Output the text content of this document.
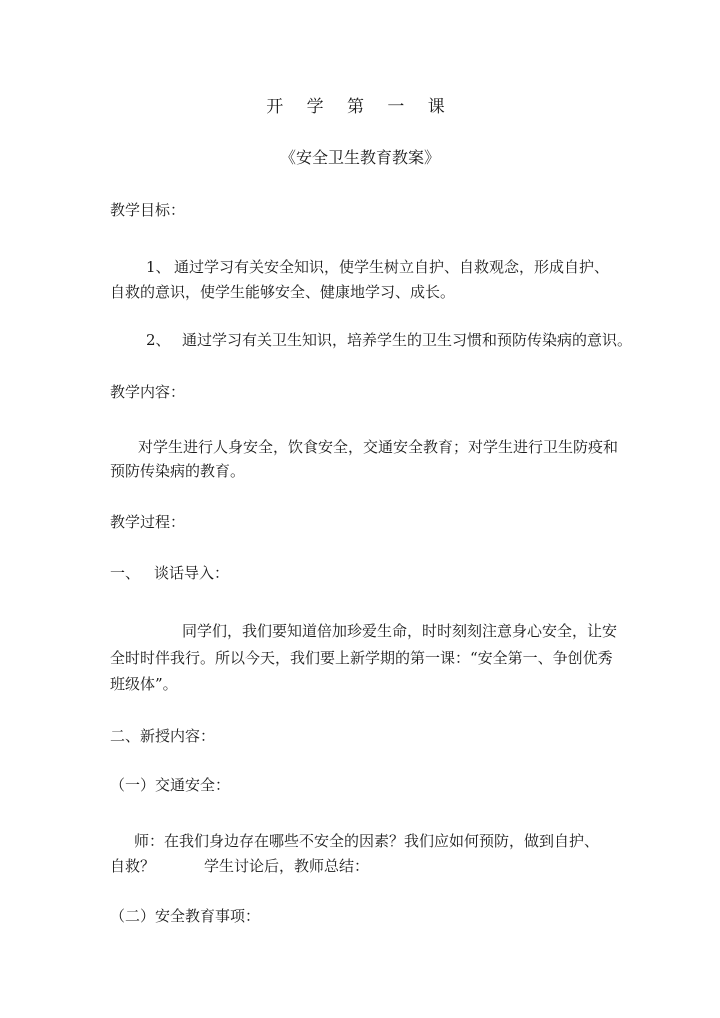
开 学 第 一 课
《安全卫生教育教案》
教学目标：
1、 通过学习有关安全知识，使学生树立自护、自救观念，形成自护、
自救的意识，使学生能够安全、健康地学习、成长。
2、 通过学习有关卫生知识，培养学生的卫生习惯和预防传染病的意识。
教学内容：
对学生进行人身安全，饮食安全，交通安全教育；对学生进行卫生防疫和
预防传染病的教育。
教学过程：
一、 谈话导入：
同学们，我们要知道倍加珍爱生命，时时刻刻注意身心安全，让安
全时时伴我行。所以今天，我们要上新学期的第一课：“安全第一、争创优秀
班级体”。
二、新授内容：
（一）交通安全：
师：在我们身边存在哪些不安全的因素？我们应如何预防，做到自护、
自救？	学生讨论后，教师总结：
（二）安全教育事项：
